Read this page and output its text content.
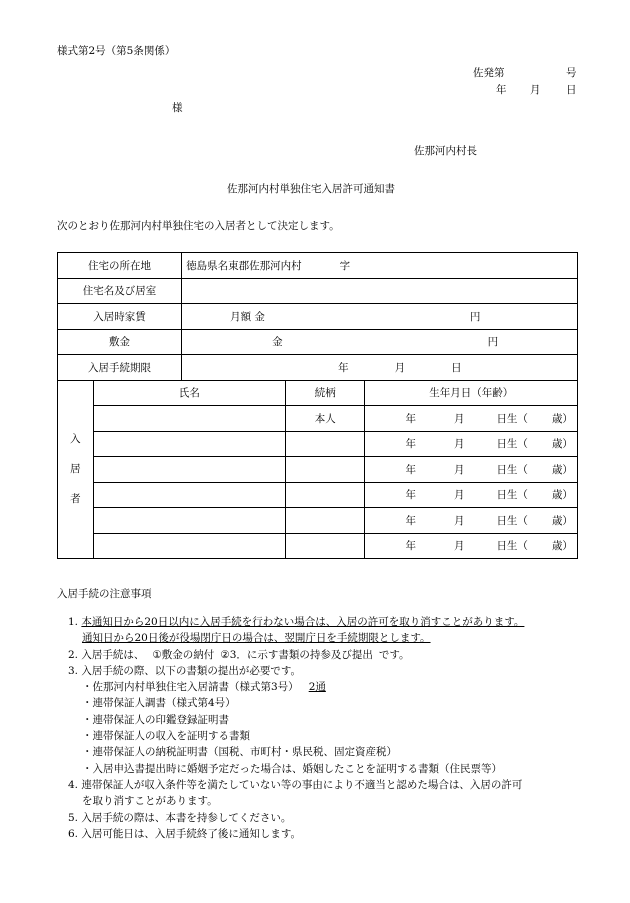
様式第2号（第5条関係）
佐発第	号
年 月 日
様
佐那河内村長
佐那河内村単独住宅入居許可通知書
次のとおり佐那河内村単独住宅の入居者として決定します。
住宅の所在地		徳島県名東郡佐那河内村 字		
住宅名及び居室				
入居時家賃		月額 金 円		
敷金		金 円		
入居手続期限		年 月 日		

入
居
者	氏名		続柄	生年月日（年齢）
			本人	年 月 日生（ 歳）
				年 月 日生（ 歳）
				年 月 日生（ 歳）
				年 月 日生（ 歳）
				年 月 日生（ 歳）
				年 月 日生（ 歳）
入居手続の注意事項
1. 本通知日から20日以内に入居手続を行わない場合は、入居の許可を取り消すことがあります。
通知日から20日後が役場閉庁日の場合は、翌開庁日を手続期限とします。
2. 入居手続は、 ①敷金の納付 ②3．に示す書類の持参及び提出 です。
3. 入居手続の際、以下の書類の提出が必要です。
・佐那河内村単独住宅入居請書（様式第3号） 2通
・連帯保証人調書（様式第4号）
・連帯保証人の印鑑登録証明書
・連帯保証人の収入を証明する書類
・連帯保証人の納税証明書（国税、市町村・県民税、固定資産税）
・入居申込書提出時に婚姻予定だった場合は、婚姻したことを証明する書類（住民票等）
4. 連帯保証人が収入条件等を満たしていない等の事由により不適当と認めた場合は、入居の許可
を取り消すことがあります。
5. 入居手続の際は、本書を持参してください。
6. 入居可能日は、入居手続終了後に通知します。
